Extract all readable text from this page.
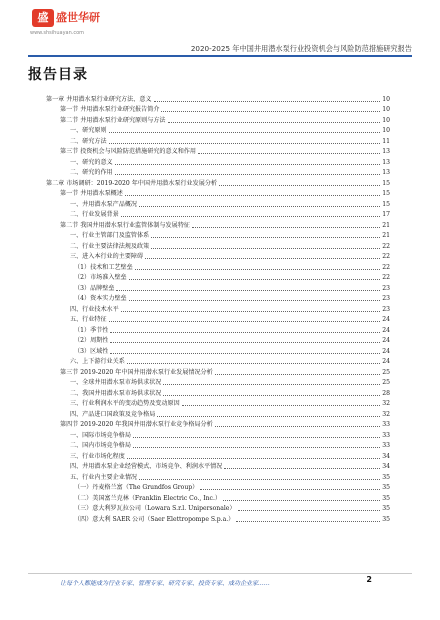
盛 盛世华研
www.shsihuayan.com
2020-2025 年中国井用潜水泵行业投资机会与风险防范措施研究报告
报告目录
第一章 井用潜水泵行业研究方法、意义	10
第一节 井用潜水泵行业研究报告简介	10
第二节 井用潜水泵行业研究原则与方法	10
一、研究原则	10
二、研究方法	11
第三节 投资机会与风险防范措施研究的意义和作用	13
一、研究的意义	13
二、研究的作用	13
第二章 市场调研：2019-2020 年中国井用潜水泵行业发展分析	15
第一节 井用潜水泵概述	15
一、井用潜水泵产品概况	15
二、行业发展背景	17
第二节 我国井用潜水泵行业监管体制与发展特征	21
一、行业主管部门及监管体系	21
二、行业主要法律法规及政策	22
三、进入本行业的主要障碍	22
（1）技术和工艺壁垒	22
（2）市场准入壁垒	22
（3）品牌壁垒	23
（4）资本实力壁垒	23
四、行业技术水平	23
五、行业特征	24
（1）季节性	24
（2）周期性	24
（3）区域性	24
六、上下游行业关系	24
第三节 2019-2020 年中国井用潜水泵行业发展情况分析	25
一、全球井用潜水泵市场供求状况	25
二、我国井用潜水泵市场供求状况	28
三、行业利润水平的变动趋势及变动原因	32
四、产品进口国政策及竞争格局	32
第四节 2019-2020 年我国井用潜水泵行业竞争格局分析	33
一、国际市场竞争格局	33
二、国内市场竞争格局	33
三、行业市场化程度	34
四、井用潜水泵企业经营模式、市场竞争、利润水平情况	34
五、行业内主要企业情况	35
（一）丹麦格兰富（The Grundfos Group）	35
（二）美国富兰克林（Franklin Electric Co., Inc.）	35
（三）意大利罗瓦拉公司（Lowara S.r.l. Unipersonale）	35
（四）意大利 SAER 公司（Saer Elettropompe S.p.a.）	35
让每个人都能成为行业专家、管理专家、研究专家、投资专家、成功企业家……	2
